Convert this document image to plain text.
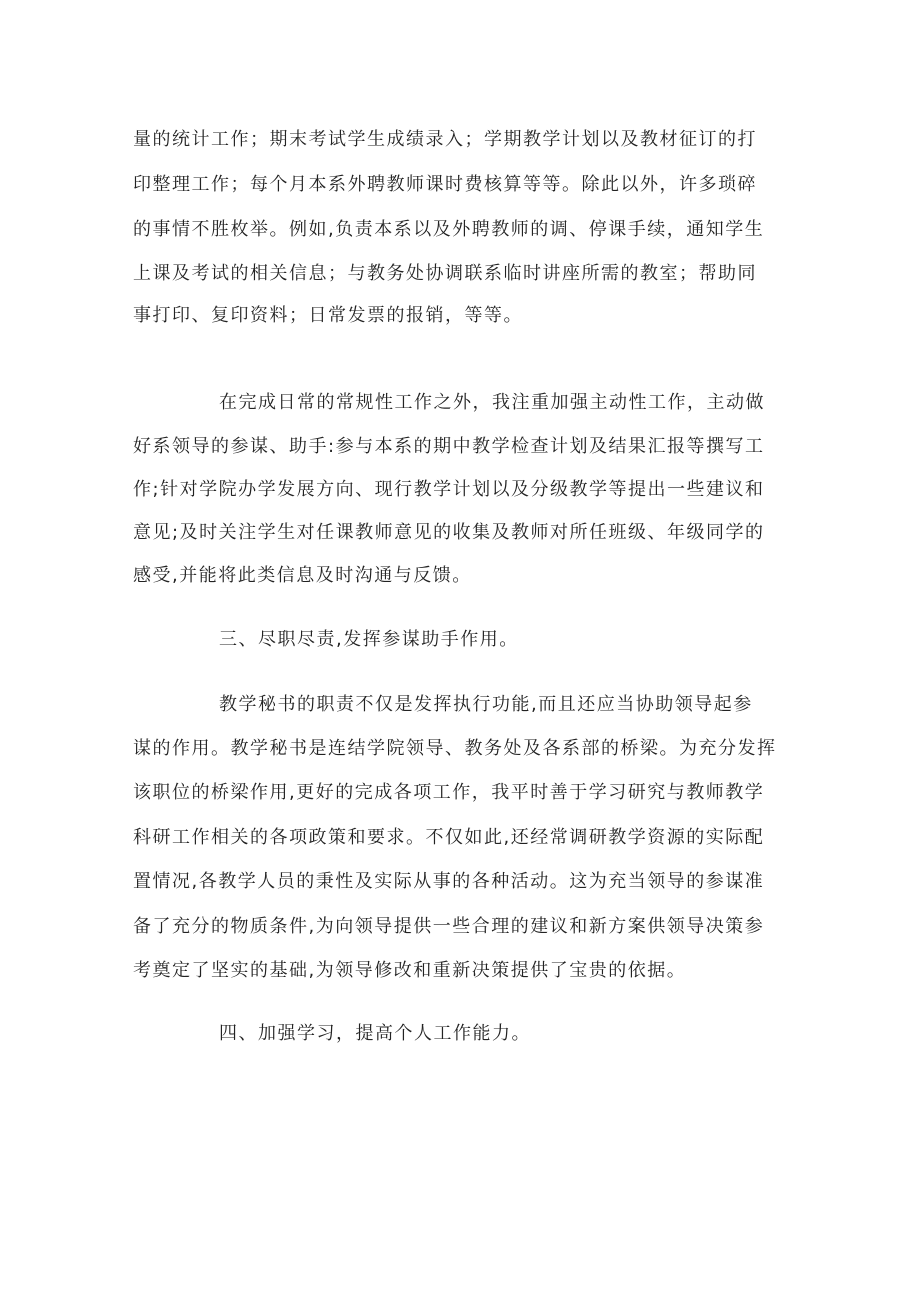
量的统计工作；期末考试学生成绩录入；学期教学计划以及教材征订的打

印整理工作；每个月本系外聘教师课时费核算等等。除此以外，许多琐碎

的事情不胜枚举。例如,负责本系以及外聘教师的调、停课手续，通知学生

上课及考试的相关信息；与教务处协调联系临时讲座所需的教室；帮助同

事打印、复印资料；日常发票的报销，等等。

在完成日常的常规性工作之外，我注重加强主动性工作，主动做

好系领导的参谋、助手:参与本系的期中教学检查计划及结果汇报等撰写工

作;针对学院办学发展方向、现行教学计划以及分级教学等提出一些建议和

意见;及时关注学生对任课教师意见的收集及教师对所任班级、年级同学的

感受,并能将此类信息及时沟通与反馈。

三、尽职尽责,发挥参谋助手作用。

教学秘书的职责不仅是发挥执行功能,而且还应当协助领导起参

谋的作用。教学秘书是连结学院领导、教务处及各系部的桥梁。为充分发挥

该职位的桥梁作用,更好的完成各项工作，我平时善于学习研究与教师教学

科研工作相关的各项政策和要求。不仅如此,还经常调研教学资源的实际配

置情况,各教学人员的秉性及实际从事的各种活动。这为充当领导的参谋准

备了充分的物质条件,为向领导提供一些合理的建议和新方案供领导决策参

考奠定了坚实的基础,为领导修改和重新决策提供了宝贵的依据。

四、加强学习，提高个人工作能力。
